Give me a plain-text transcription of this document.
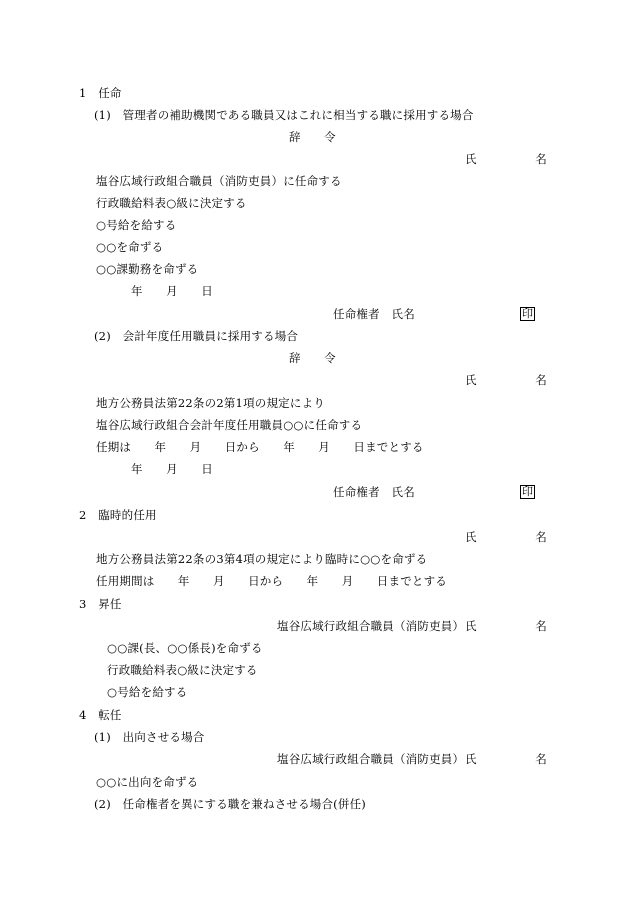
1　任命
(1)　管理者の補助機関である職員又はこれに相当する職に採用する場合
辞　　令
氏　　　　　名
塩谷広域行政組合職員（消防吏員）に任命する
行政職給料表○級に決定する
○号給を給する
○○を命ずる
○○課勤務を命ずる
年　　月　　日
任命権者　氏名	印
(2)　会計年度任用職員に採用する場合
辞　　令
氏　　　　　名
地方公務員法第22条の2第1項の規定により
塩谷広域行政組合会計年度任用職員○○に任命する
任期は　　年　　月　　日から　　年　　月　　日までとする
年　　月　　日
任命権者　氏名	印
2　臨時的任用
氏　　　　　名
地方公務員法第22条の3第4項の規定により臨時に○○を命ずる
任用期間は　　年　　月　　日から　　年　　月　　日までとする
3　昇任
塩谷広域行政組合職員（消防吏員） 氏　　　　　名
○○課(長、○○係長)を命ずる
行政職給料表○級に決定する
○号給を給する
4　転任
(1)　出向させる場合
塩谷広域行政組合職員（消防吏員） 氏　　　　　名
○○に出向を命ずる
(2)　任命権者を異にする職を兼ねさせる場合(併任)
